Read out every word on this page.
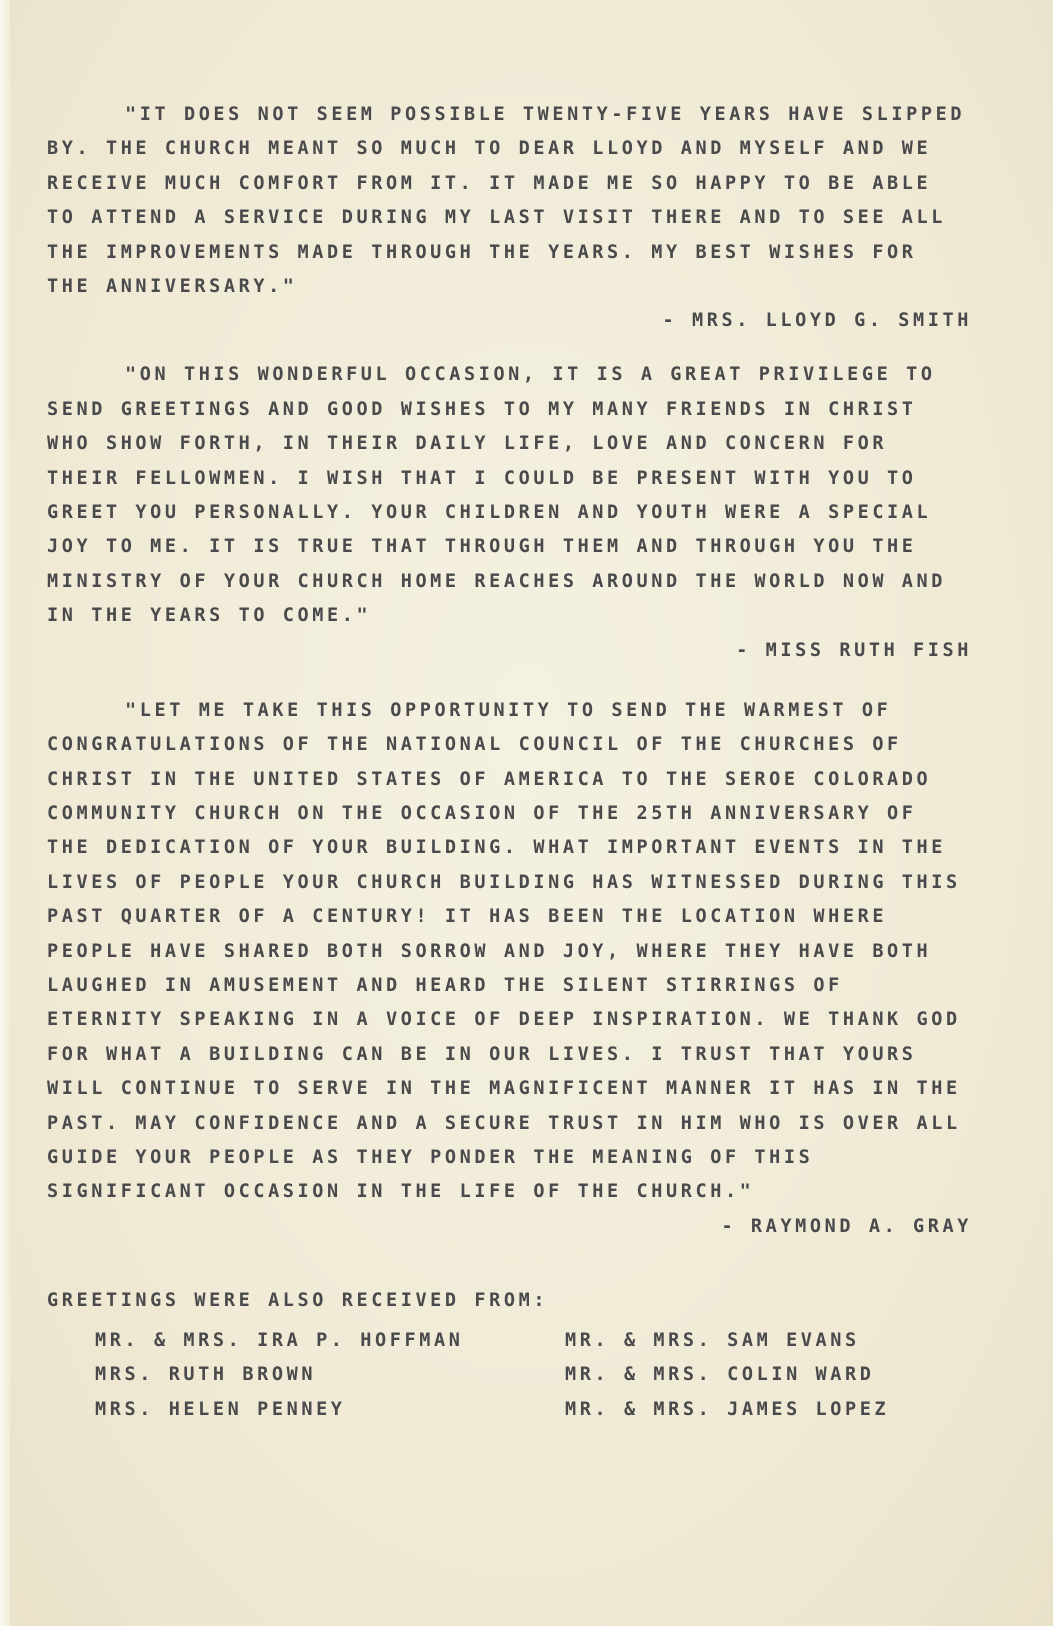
"IT DOES NOT SEEM POSSIBLE TWENTY-FIVE YEARS HAVE SLIPPED BY. THE CHURCH MEANT SO MUCH TO DEAR LLOYD AND MYSELF AND WE RECEIVE MUCH COMFORT FROM IT. IT MADE ME SO HAPPY TO BE ABLE TO ATTEND A SERVICE DURING MY LAST VISIT THERE AND TO SEE ALL THE IMPROVEMENTS MADE THROUGH THE YEARS. MY BEST WISHES FOR THE ANNIVERSARY."

- MRS. LLOYD G. SMITH

"ON THIS WONDERFUL OCCASION, IT IS A GREAT PRIVILEGE TO SEND GREETINGS AND GOOD WISHES TO MY MANY FRIENDS IN CHRIST WHO SHOW FORTH, IN THEIR DAILY LIFE, LOVE AND CONCERN FOR THEIR FELLOWMEN. I WISH THAT I COULD BE PRESENT WITH YOU TO GREET YOU PERSONALLY. YOUR CHILDREN AND YOUTH WERE A SPECIAL JOY TO ME. IT IS TRUE THAT THROUGH THEM AND THROUGH YOU THE MINISTRY OF YOUR CHURCH HOME REACHES AROUND THE WORLD NOW AND IN THE YEARS TO COME."

- MISS RUTH FISH

"LET ME TAKE THIS OPPORTUNITY TO SEND THE WARMEST OF CONGRATULATIONS OF THE NATIONAL COUNCIL OF THE CHURCHES OF CHRIST IN THE UNITED STATES OF AMERICA TO THE SEROE COLORADO COMMUNITY CHURCH ON THE OCCASION OF THE 25TH ANNIVERSARY OF THE DEDICATION OF YOUR BUILDING. WHAT IMPORTANT EVENTS IN THE LIVES OF PEOPLE YOUR CHURCH BUILDING HAS WITNESSED DURING THIS PAST QUARTER OF A CENTURY! IT HAS BEEN THE LOCATION WHERE PEOPLE HAVE SHARED BOTH SORROW AND JOY, WHERE THEY HAVE BOTH LAUGHED IN AMUSEMENT AND HEARD THE SILENT STIRRINGS OF ETERNITY SPEAKING IN A VOICE OF DEEP INSPIRATION. WE THANK GOD FOR WHAT A BUILDING CAN BE IN OUR LIVES. I TRUST THAT YOURS WILL CONTINUE TO SERVE IN THE MAGNIFICENT MANNER IT HAS IN THE PAST. MAY CONFIDENCE AND A SECURE TRUST IN HIM WHO IS OVER ALL GUIDE YOUR PEOPLE AS THEY PONDER THE MEANING OF THIS SIGNIFICANT OCCASION IN THE LIFE OF THE CHURCH."

- RAYMOND A. GRAY

GREETINGS WERE ALSO RECEIVED FROM:

MR. & MRS. IRA P. HOFFMAN	MR. & MRS. SAM EVANS
MRS. RUTH BROWN	MR. & MRS. COLIN WARD
MRS. HELEN PENNEY	MR. & MRS. JAMES LOPEZ
